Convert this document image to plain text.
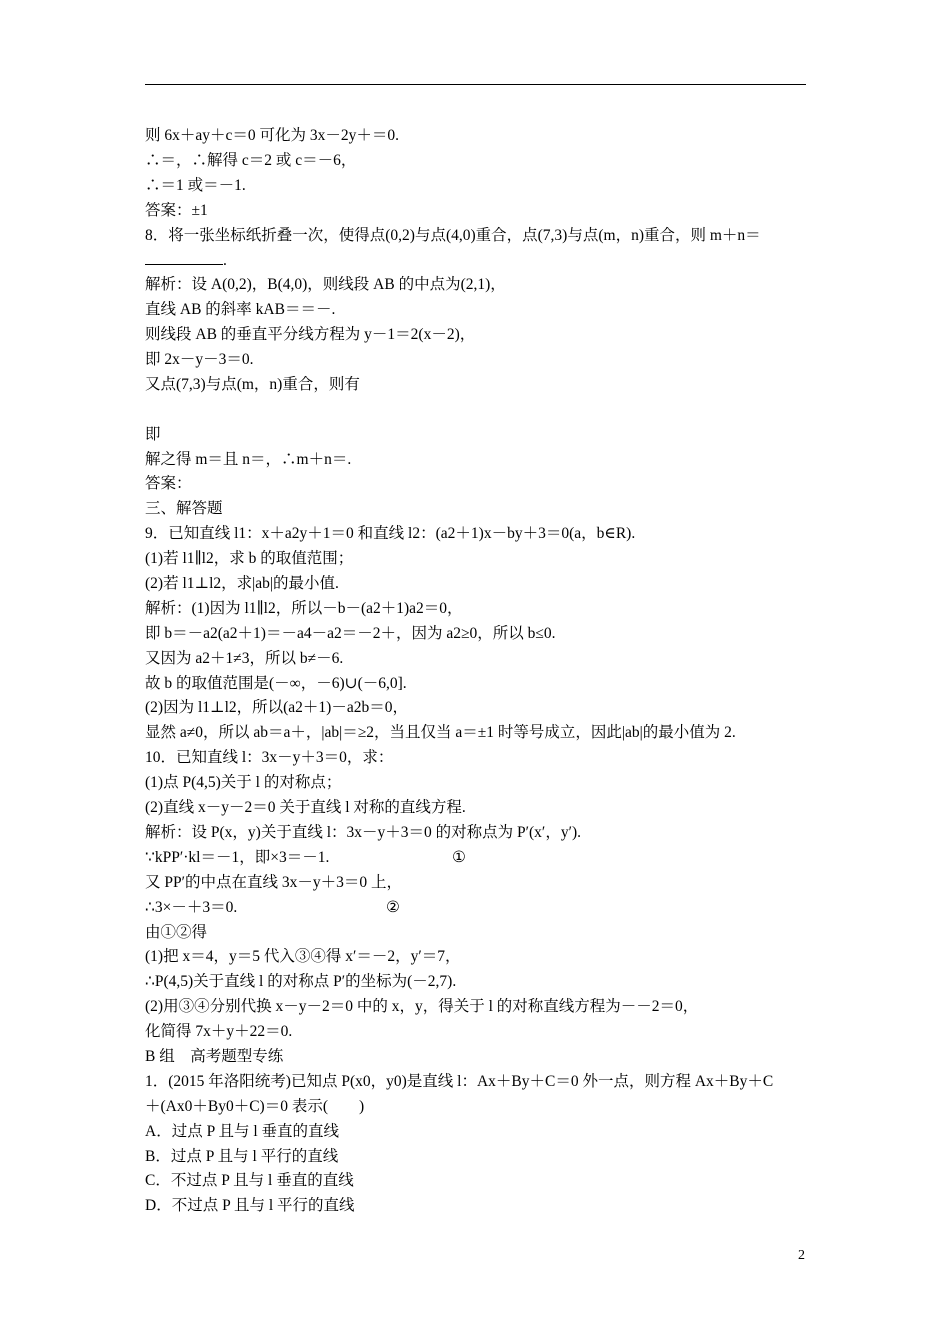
则 6x＋ay＋c＝0 可化为 3x－2y＋＝0.
∴＝，∴解得 c＝2 或 c＝－6，
∴＝1 或＝－1.
答案：±1
8．将一张坐标纸折叠一次，使得点(0,2)与点(4,0)重合，点(7,3)与点(m，n)重合，则 m＋n＝
.
解析：设 A(0,2)，B(4,0)，则线段 AB 的中点为(2,1)，
直线 AB 的斜率 kAB＝＝－.
则线段 AB 的垂直平分线方程为 y－1＝2(x－2)，
即 2x－y－3＝0.
又点(7,3)与点(m，n)重合，则有
即
解之得 m＝且 n＝，∴m＋n＝.
答案：
三、解答题
9．已知直线 l1：x＋a2y＋1＝0 和直线 l2：(a2＋1)x－by＋3＝0(a，b∈R).
(1)若 l1∥l2，求 b 的取值范围；
(2)若 l1⊥l2，求|ab|的最小值.
解析：(1)因为 l1∥l2，所以－b－(a2＋1)a2＝0，
即 b＝－a2(a2＋1)＝－a4－a2＝－2＋，因为 a2≥0，所以 b≤0.
又因为 a2＋1≠3，所以 b≠－6.
故 b 的取值范围是(－∞，－6)∪(－6,0].
(2)因为 l1⊥l2，所以(a2＋1)－a2b＝0，
显然 a≠0，所以 ab＝a＋，|ab|＝≥2，当且仅当 a＝±1 时等号成立，因此|ab|的最小值为 2.
10．已知直线 l：3x－y＋3＝0，求：
(1)点 P(4,5)关于 l 的对称点；
(2)直线 x－y－2＝0 关于直线 l 对称的直线方程.
解析：设 P(x，y)关于直线 l：3x－y＋3＝0 的对称点为 P′(x′，y′).
∵kPP′·kl＝－1，即×3＝－1.	①
又 PP′的中点在直线 3x－y＋3＝0 上，
∴3×－＋3＝0.	②
由①②得
(1)把 x＝4，y＝5 代入③④得 x′＝－2，y′＝7，
∴P(4,5)关于直线 l 的对称点 P′的坐标为(－2,7).
(2)用③④分别代换 x－y－2＝0 中的 x，y，得关于 l 的对称直线方程为－－2＝0，
化简得 7x＋y＋22＝0.
B 组　高考题型专练
1．(2015 年洛阳统考)已知点 P(x0，y0)是直线 l：Ax＋By＋C＝0 外一点，则方程 Ax＋By＋C
＋(Ax0＋By0＋C)＝0 表示(　　)
A．过点 P 且与 l 垂直的直线
B．过点 P 且与 l 平行的直线
C．不过点 P 且与 l 垂直的直线
D．不过点 P 且与 l 平行的直线
2
